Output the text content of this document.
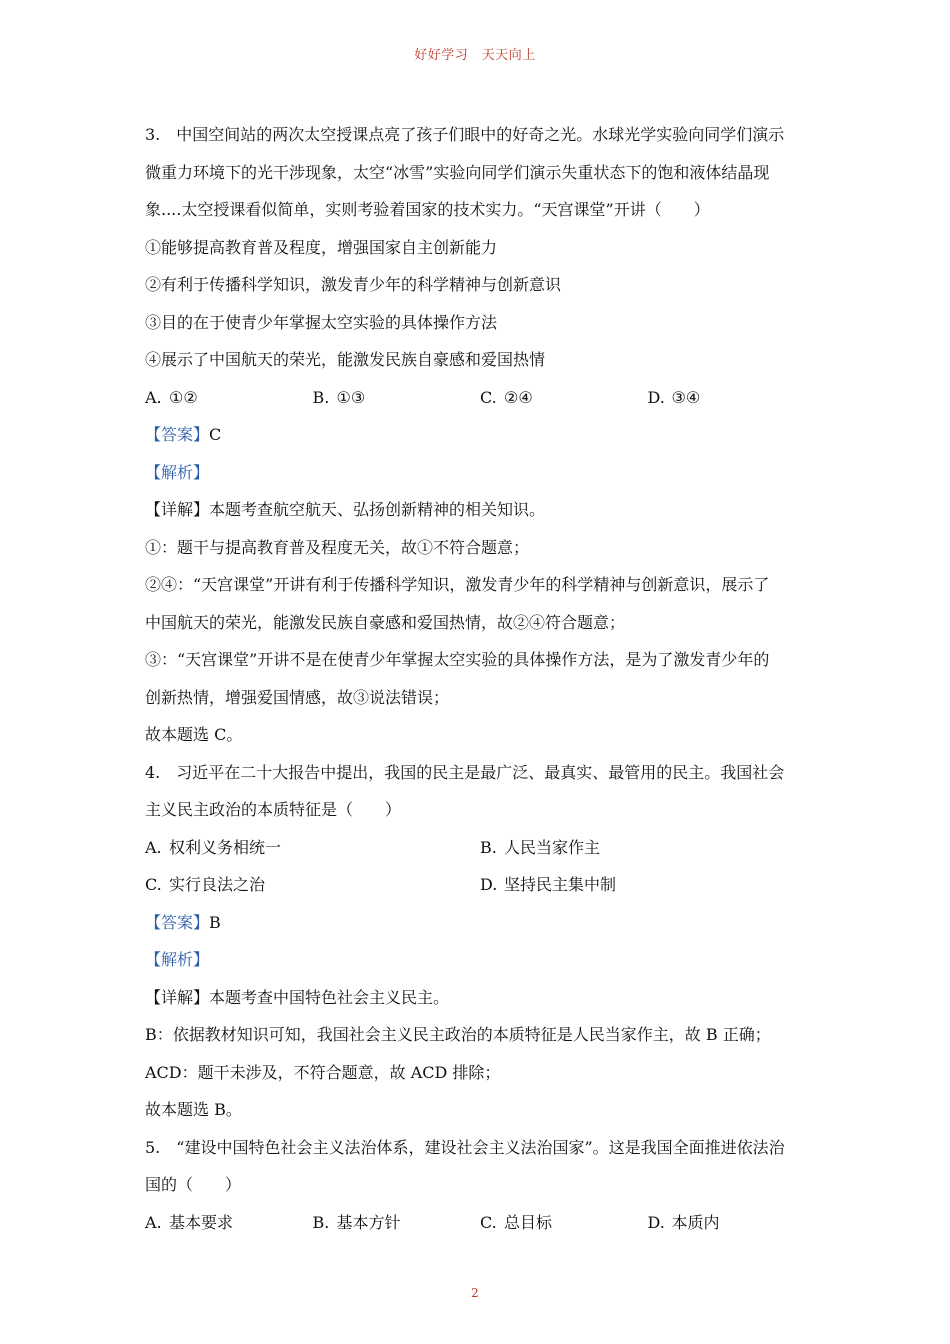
好好学习　天天向上
3.　中国空间站的两次太空授课点亮了孩子们眼中的好奇之光。水球光学实验向同学们演示
微重力环境下的光干涉现象，太空“冰雪”实验向同学们演示失重状态下的饱和液体结晶现
象....太空授课看似简单，实则考验着国家的技术实力。“天宫课堂”开讲（　　）
①能够提高教育普及程度，增强国家自主创新能力
②有利于传播科学知识，激发青少年的科学精神与创新意识
③目的在于使青少年掌握太空实验的具体操作方法
④展示了中国航天的荣光，能激发民族自豪感和爱国热情
A. ①②	B. ①③	C. ②④	D. ③④
【答案】C
【解析】
【详解】本题考查航空航天、弘扬创新精神的相关知识。
①：题干与提高教育普及程度无关，故①不符合题意；
②④：“天宫课堂”开讲有利于传播科学知识，激发青少年的科学精神与创新意识，展示了
中国航天的荣光，能激发民族自豪感和爱国热情，故②④符合题意；
③：“天宫课堂”开讲不是在使青少年掌握太空实验的具体操作方法，是为了激发青少年的
创新热情，增强爱国情感，故③说法错误；
故本题选 C。
4.　习近平在二十大报告中提出，我国的民主是最广泛、最真实、最管用的民主。我国社会
主义民主政治的本质特征是（　　）
A. 权利义务相统一	B. 人民当家作主
C. 实行良法之治	D. 坚持民主集中制
【答案】B
【解析】
【详解】本题考查中国特色社会主义民主。
B：依据教材知识可知，我国社会主义民主政治的本质特征是人民当家作主，故 B 正确；
ACD：题干未涉及，不符合题意，故 ACD 排除；
故本题选 B。
5.　“建设中国特色社会主义法治体系，建设社会主义法治国家”。这是我国全面推进依法治
国的（　　）
A. 基本要求	B. 基本方针	C. 总目标	D. 本质内
2
